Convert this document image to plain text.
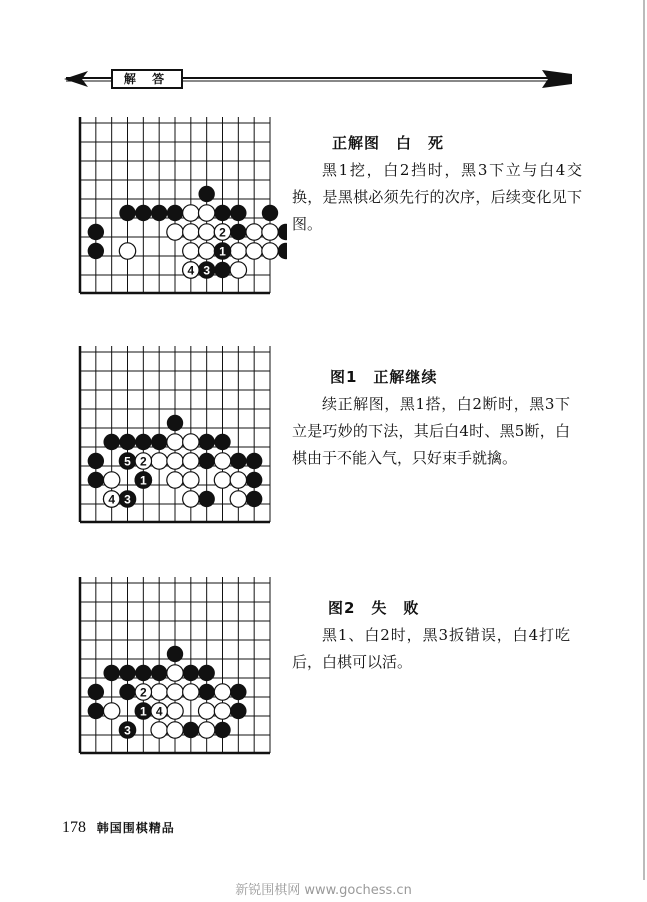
解 答
2
1
3
4
正解图　白　死

黑1挖，白2挡时，黑3下立与白4交换，是黑棋必须先行的次序，后续变化见下图。

5 2
1
3
4
图1　正解继续

续正解图，黑1搭，白2断时，黑3下立是巧妙的下法，其后白4时、黑5断，白棋由于不能入气，只好束手就擒。

2
1 4
3
图2　失　败

黑1、白2时，黑3扳错误，白4打吃后，白棋可以活。

178 韩国围棋精品
新锐围棋网 www.gochess.cn
